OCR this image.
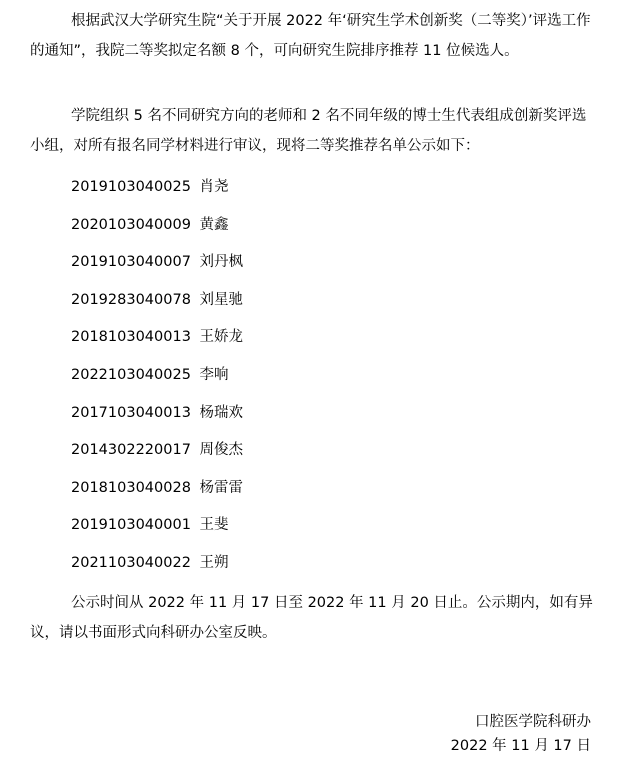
根据武汉大学研究生院“关于开展 2022 年‘研究生学术创新奖（二等奖）’评选工作的通知”，我院二等奖拟定名额 8 个，可向研究生院排序推荐 11 位候选人。

学院组织 5 名不同研究方向的老师和 2 名不同年级的博士生代表组成创新奖评选小组，对所有报名同学材料进行审议，现将二等奖推荐名单公示如下：

2019103040025 肖尧
2020103040009 黄鑫
2019103040007 刘丹枫
2019283040078 刘星驰
2018103040013 王娇龙
2022103040025 李响
2017103040013 杨瑞欢
2014302220017 周俊杰
2018103040028 杨雷雷
2019103040001 王斐
2021103040022 王朔

公示时间从 2022 年 11 月 17 日至 2022 年 11 月 20 日止。公示期内，如有异议，请以书面形式向科研办公室反映。

口腔医学院科研办
2022 年 11 月 17 日
